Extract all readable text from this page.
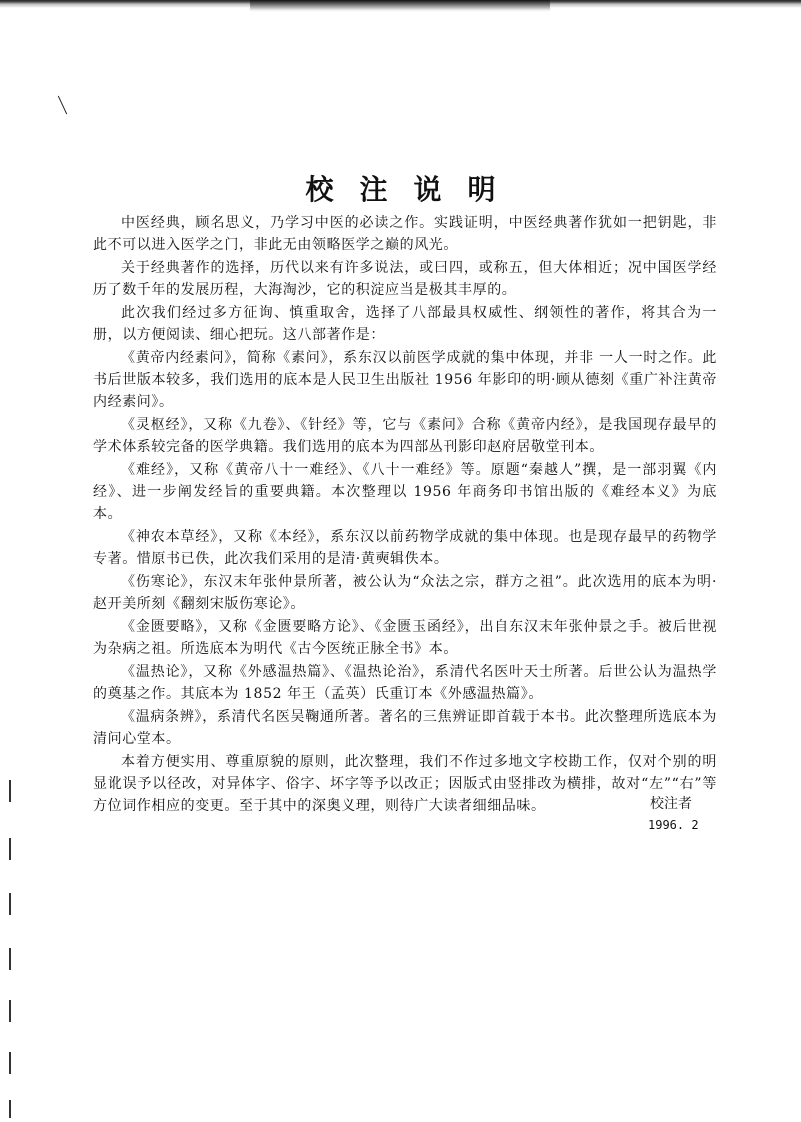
校注说明

中医经典，顾名思义，乃学习中医的必读之作。实践证明，中医经典著作犹如一把钥匙，非此不可以进入医学之门，非此无由领略医学之巅的风光。

关于经典著作的选择，历代以来有许多说法，或曰四，或称五，但大体相近；况中国医学经历了数千年的发展历程，大海淘沙，它的积淀应当是极其丰厚的。

此次我们经过多方征询、慎重取舍，选择了八部最具权威性、纲领性的著作，将其合为一册，以方便阅读、细心把玩。这八部著作是：

《黄帝内经素问》，简称《素问》，系东汉以前医学成就的集中体现，并非 一人一时之作。此书后世版本较多，我们选用的底本是人民卫生出版社 1956 年影印的明·顾从德刻《重广补注黄帝内经素问》。

《灵枢经》，又称《九卷》、《针经》等，它与《素问》合称《黄帝内经》，是我国现存最早的学术体系较完备的医学典籍。我们选用的底本为四部丛刊影印赵府居敬堂刊本。

《难经》，又称《黄帝八十一难经》、《八十一难经》等。原题“秦越人”撰，是一部羽翼《内经》、进一步阐发经旨的重要典籍。本次整理以 1956 年商务印书馆出版的《难经本义》为底本。

《神农本草经》，又称《本经》，系东汉以前药物学成就的集中体现。也是现存最早的药物学专著。惜原书已佚，此次我们采用的是清·黄奭辑佚本。

《伤寒论》，东汉末年张仲景所著，被公认为“众法之宗，群方之祖”。此次选用的底本为明·赵开美所刻《翻刻宋版伤寒论》。

《金匮要略》，又称《金匮要略方论》、《金匮玉函经》，出自东汉末年张仲景之手。被后世视为杂病之祖。所选底本为明代《古今医统正脉全书》本。

《温热论》，又称《外感温热篇》、《温热论治》，系清代名医叶天士所著。后世公认为温热学的奠基之作。其底本为 1852 年王（孟英）氏重订本《外感温热篇》。

《温病条辨》，系清代名医吴鞠通所著。著名的三焦辨证即首载于本书。此次整理所选底本为清问心堂本。

本着方便实用、尊重原貌的原则，此次整理，我们不作过多地文字校勘工作，仅对个别的明显讹误予以径改，对异体字、俗字、坏字等予以改正；因版式由竖排改为横排，故对“左”“右”等方位词作相应的变更。至于其中的深奥义理，则待广大读者细细品味。	校注者
1996. 2
